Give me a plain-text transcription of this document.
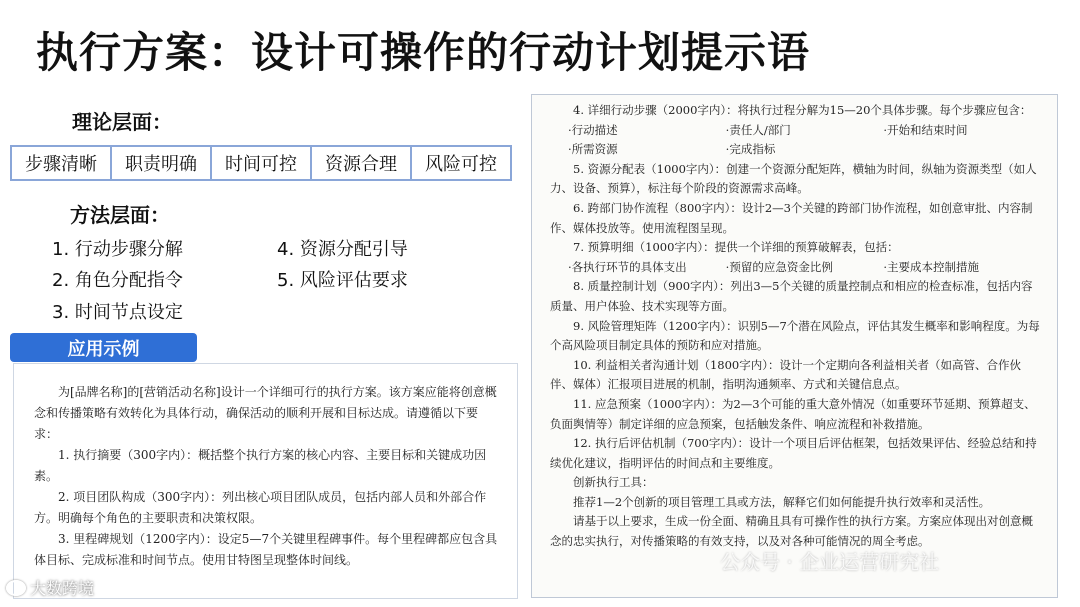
执行方案：设计可操作的行动计划提示语
理论层面：
步骤清晰	职责明确	时间可控	资源合理	风险可控
方法层面：
1. 行动步骤分解
2. 角色分配指令
3. 时间节点设定
4. 资源分配引导
5. 风险评估要求
应用示例

为[品牌名称]的[营销活动名称]设计一个详细可行的执行方案。该方案应能将创意概念和传播策略有效转化为具体行动，确保活动的顺利开展和目标达成。请遵循以下要求：

1. 执行摘要（300字内）：概括整个执行方案的核心内容、主要目标和关键成功因素。

2. 项目团队构成（300字内）：列出核心项目团队成员，包括内部人员和外部合作方。明确每个角色的主要职责和决策权限。

3. 里程碑规划（1200字内）：设定5—7个关键里程碑事件。每个里程碑都应包含具体目标、完成标准和时间节点。使用甘特图呈现整体时间线。

4. 详细行动步骤（2000字内）：将执行过程分解为15—20个具体步骤。每个步骤应包含：

·行动描述	·责任人/部门	·开始和结束时间
·所需资源	·完成指标

5. 资源分配表（1000字内）：创建一个资源分配矩阵，横轴为时间，纵轴为资源类型（如人力、设备、预算），标注每个阶段的资源需求高峰。

6. 跨部门协作流程（800字内）：设计2—3个关键的跨部门协作流程，如创意审批、内容制作、媒体投放等。使用流程图呈现。

7. 预算明细（1000字内）：提供一个详细的预算破解表，包括：

·各执行环节的具体支出	·预留的应急资金比例	·主要成本控制措施

8. 质量控制计划（900字内）：列出3—5个关键的质量控制点和相应的检查标准，包括内容质量、用户体验、技术实现等方面。

9. 风险管理矩阵（1200字内）：识别5—7个潜在风险点，评估其发生概率和影响程度。为每个高风险项目制定具体的预防和应对措施。

10. 利益相关者沟通计划（1800字内）：设计一个定期向各利益相关者（如高管、合作伙伴、媒体）汇报项目进展的机制，指明沟通频率、方式和关键信息点。

11. 应急预案（1000字内）：为2—3个可能的重大意外情况（如重要环节延期、预算超支、负面舆情等）制定详细的应急预案，包括触发条件、响应流程和补救措施。

12. 执行后评估机制（700字内）：设计一个项目后评估框架，包括效果评估、经验总结和持续优化建议，指明评估的时间点和主要维度。

创新执行工具：

推荐1—2个创新的项目管理工具或方法，解释它们如何能提升执行效率和灵活性。

请基于以上要求，生成一份全面、精确且具有可操作性的执行方案。方案应体现出对创意概念的忠实执行，对传播策略的有效支持，以及对各种可能情况的周全考虑。

大数跨境
公众号 · 企业运营研究社
